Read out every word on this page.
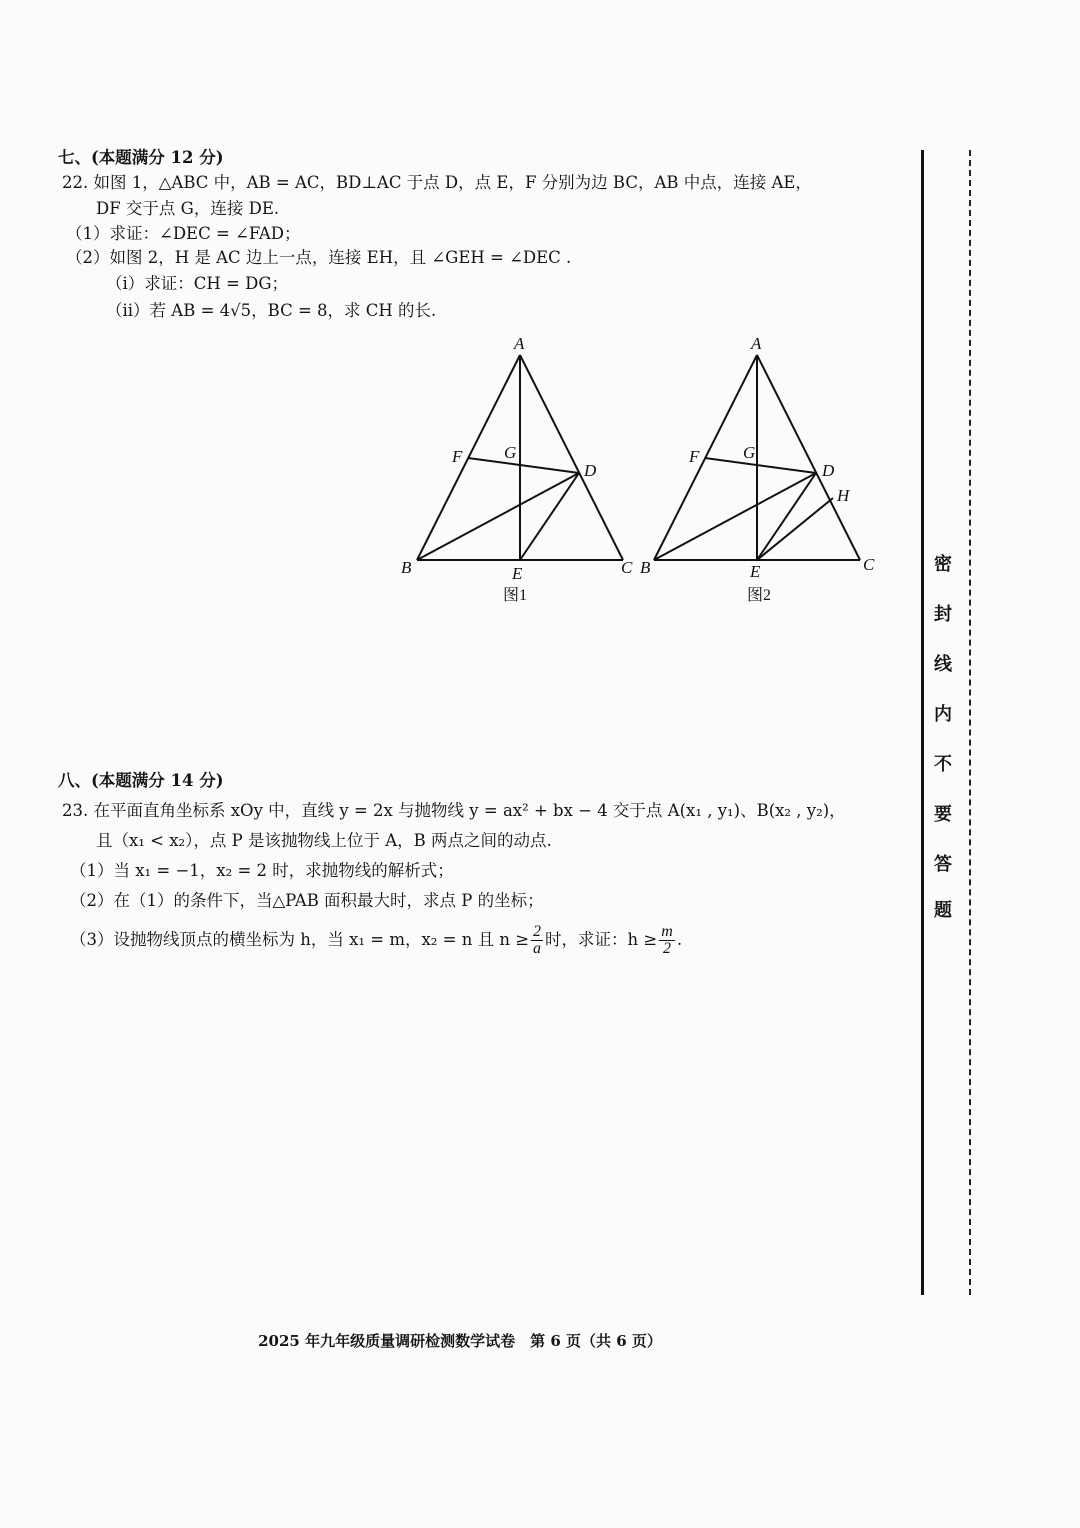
七、(本题满分 12 分)
22. 如图 1，△ABC 中，AB = AC，BD⊥AC 于点 D，点 E，F 分别为边 BC，AB 中点，连接 AE，
DF 交于点 G，连接 DE.
（1）求证：∠DEC = ∠FAD；
（2）如图 2，H 是 AC 边上一点，连接 EH，且 ∠GEH = ∠DEC .
（i）求证：CH = DG；
（ii）若 AB = 4√5，BC = 8，求 CH 的长.
A
B	C
D
E
F G
图1
A
B	C
D
E
F	G
H
图2
八、(本题满分 14 分)
23. 在平面直角坐标系 xOy 中，直线 y = 2x 与抛物线 y = ax² + bx − 4 交于点 A(x₁ , y₁)、B(x₂ , y₂)，
且（x₁ < x₂），点 P 是该抛物线上位于 A，B 两点之间的动点.
（1）当 x₁ = −1，x₂ = 2 时，求抛物线的解析式；
（2）在（1）的条件下，当△PAB 面积最大时，求点 P 的坐标；
（3）设抛物线顶点的横坐标为 h，当 x₁ = m，x₂ = n 且 $n \ge \frac{2}{a}$ 时，求证：$h \ge \frac{m}{2}$ .
密
封
线
内
不
要
答
题
2025 年九年级质量调研检测数学试卷　第 6 页（共 6 页）
